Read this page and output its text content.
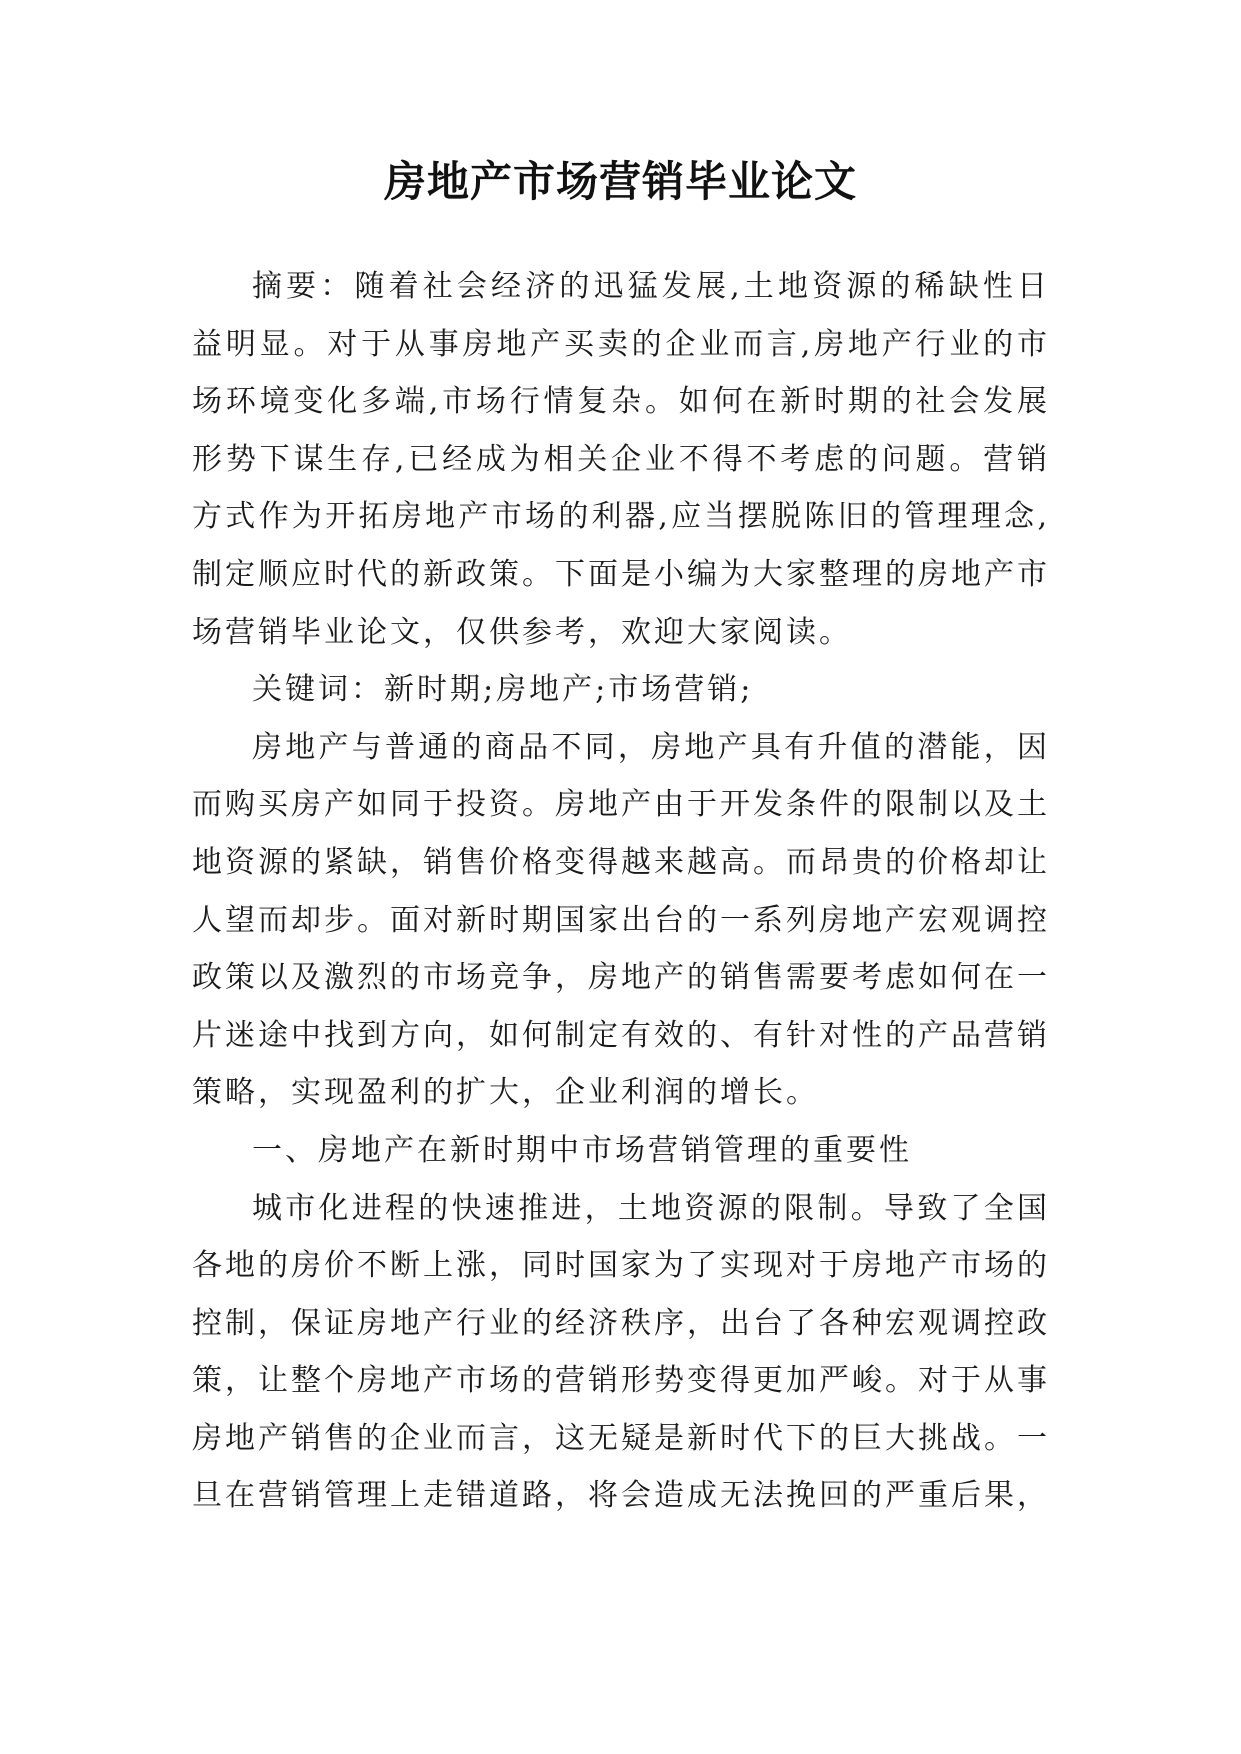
房地产市场营销毕业论文

摘要：随着社会经济的迅猛发展,土地资源的稀缺性日益明显。对于从事房地产买卖的企业而言,房地产行业的市场环境变化多端,市场行情复杂。如何在新时期的社会发展形势下谋生存,已经成为相关企业不得不考虑的问题。营销方式作为开拓房地产市场的利器,应当摆脱陈旧的管理理念,制定顺应时代的新政策。下面是小编为大家整理的房地产市场营销毕业论文，仅供参考，欢迎大家阅读。

关键词：新时期;房地产;市场营销;

房地产与普通的商品不同，房地产具有升值的潜能，因而购买房产如同于投资。房地产由于开发条件的限制以及土地资源的紧缺，销售价格变得越来越高。而昂贵的价格却让人望而却步。面对新时期国家出台的一系列房地产宏观调控政策以及激烈的市场竞争，房地产的销售需要考虑如何在一片迷途中找到方向，如何制定有效的、有针对性的产品营销策略，实现盈利的扩大，企业利润的增长。

一、房地产在新时期中市场营销管理的重要性

城市化进程的快速推进，土地资源的限制。导致了全国各地的房价不断上涨，同时国家为了实现对于房地产市场的控制，保证房地产行业的经济秩序，出台了各种宏观调控政策，让整个房地产市场的营销形势变得更加严峻。对于从事房地产销售的企业而言，这无疑是新时代下的巨大挑战。一旦在营销管理上走错道路，将会造成无法挽回的严重后果，
